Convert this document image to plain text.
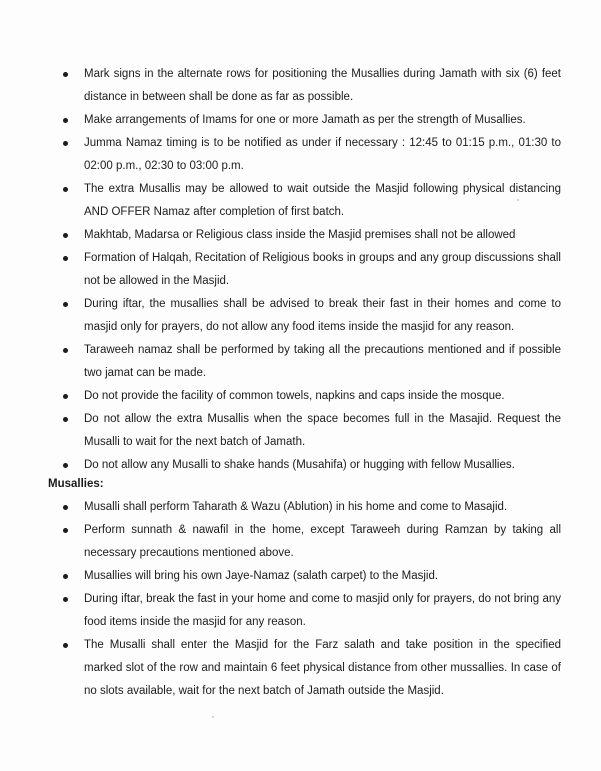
Mark signs in the alternate rows for positioning the Musallies during Jamath with six (6) feet distance in between shall be done as far as possible.
Make arrangements of Imams for one or more Jamath as per the strength of Musallies.
Jumma Namaz timing is to be notified as under if necessary : 12:45 to 01:15 p.m., 01:30 to 02:00 p.m., 02:30 to 03:00 p.m.
The extra Musallis may be allowed to wait outside the Masjid following physical distancing AND OFFER Namaz after completion of first batch.
Makhtab, Madarsa or Religious class inside the Masjid premises shall not be allowed
Formation of Halqah, Recitation of Religious books in groups and any group discussions shall not be allowed in the Masjid.
During iftar, the musallies shall be advised to break their fast in their homes and come to masjid only for prayers, do not allow any food items inside the masjid for any reason.
Taraweeh namaz shall be performed by taking all the precautions mentioned and if possible two jamat can be made.
Do not provide the facility of common towels, napkins and caps inside the mosque.
Do not allow the extra Musallis when the space becomes full in the Masajid. Request the Musalli to wait for the next batch of Jamath.
Do not allow any Musalli to shake hands (Musahifa) or hugging with fellow Musallies.
Musallies:
Musalli shall perform Taharath & Wazu (Ablution) in his home and come to Masajid.
Perform sunnath & nawafil in the home, except Taraweeh during Ramzan by taking all necessary precautions mentioned above.
Musallies will bring his own Jaye-Namaz (salath carpet) to the Masjid.
During iftar, break the fast in your home and come to masjid only for prayers, do not bring any food items inside the masjid for any reason.
The Musalli shall enter the Masjid for the Farz salath and take position in the specified marked slot of the row and maintain 6 feet physical distance from other mussallies. In case of no slots available, wait for the next batch of Jamath outside the Masjid.
